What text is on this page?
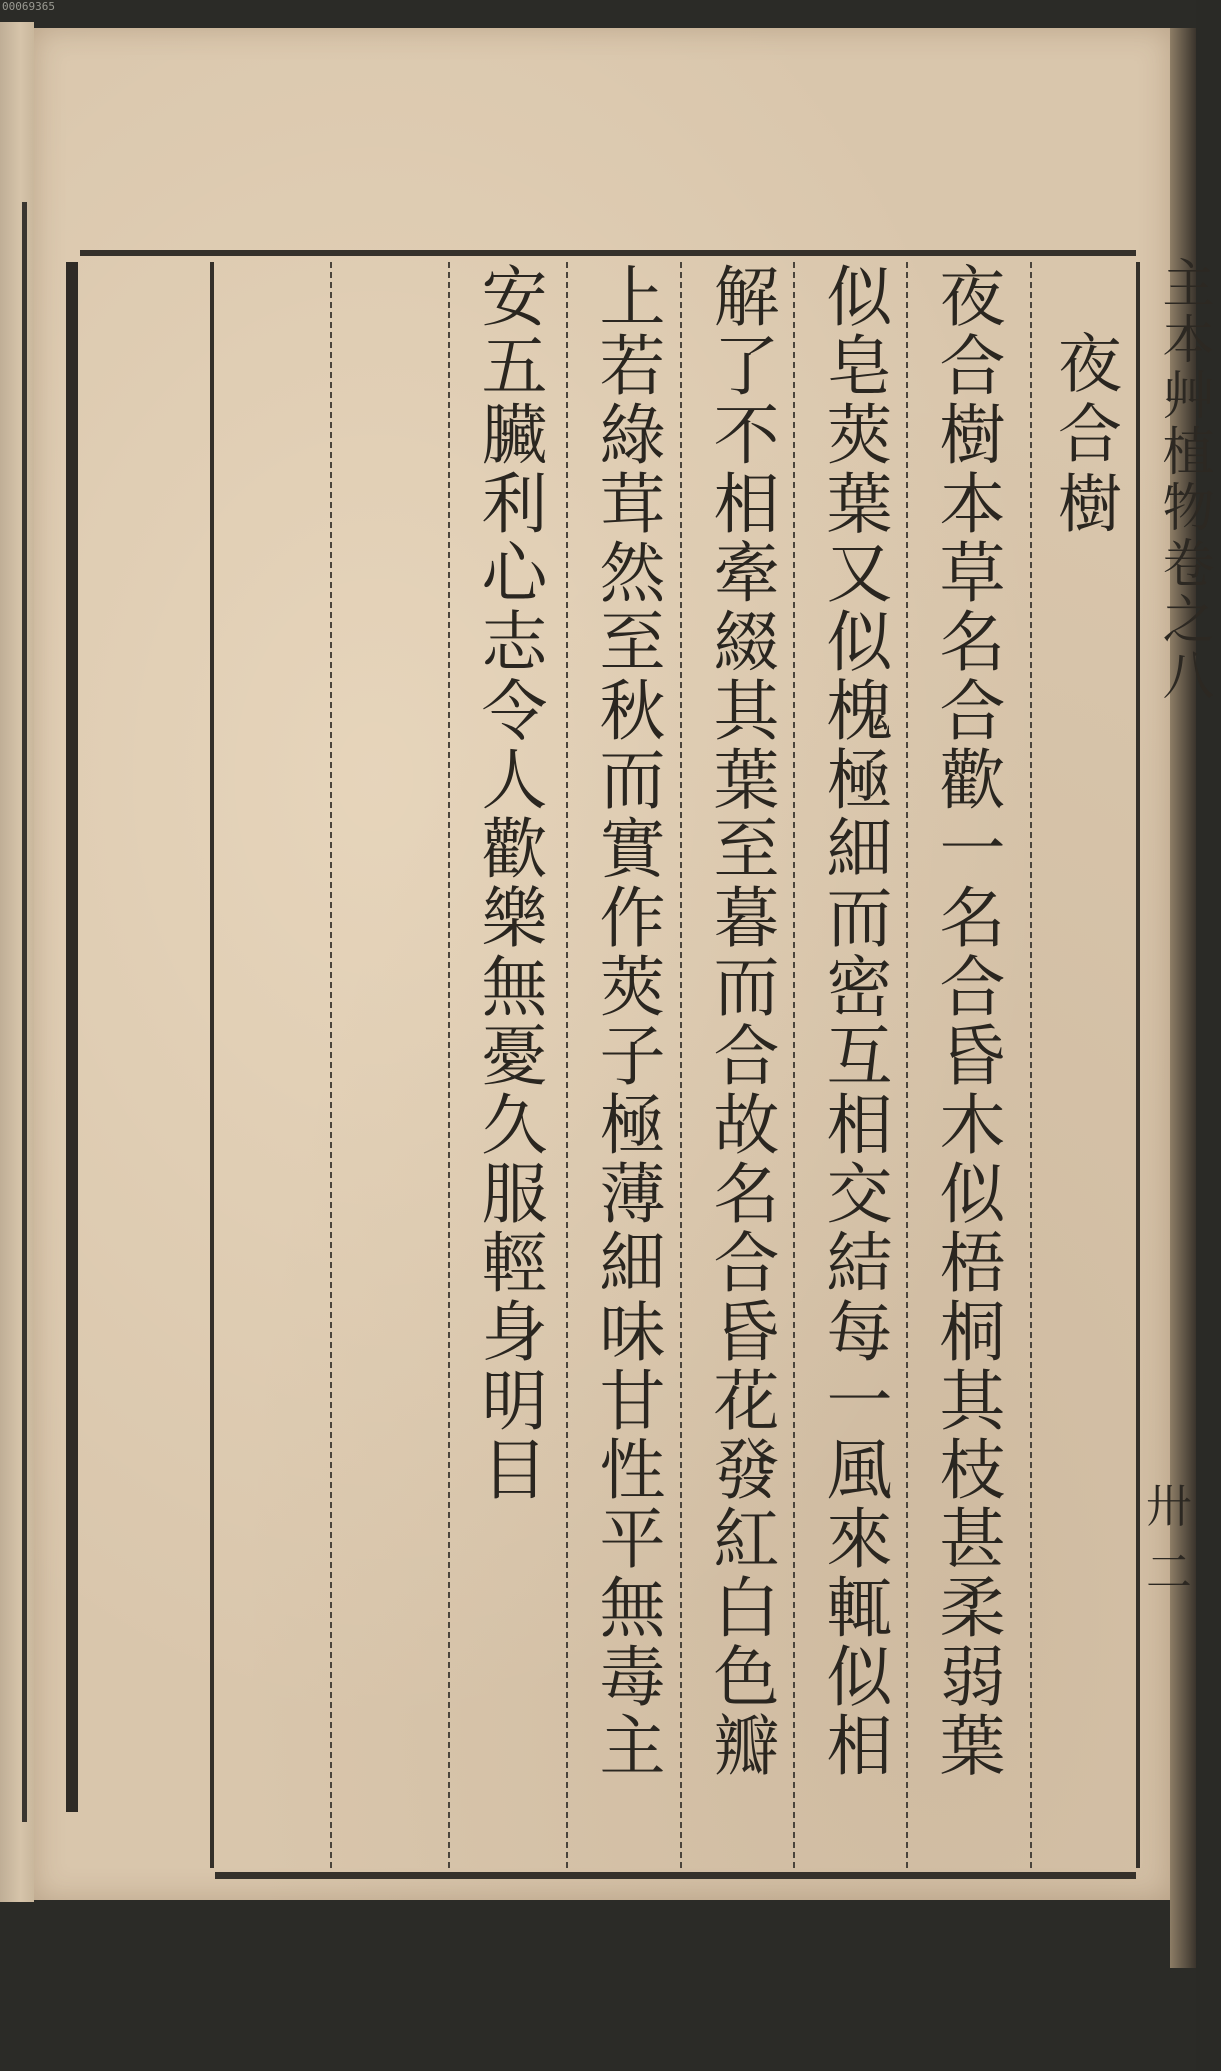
00069365
主本艸植物卷之八
卅二
夜合樹
夜合樹本草名合歡一名合昏木似梧桐其枝甚柔弱葉
似皂莢葉又似槐極細而密互相交結每一風來輒似相
解了不相牽綴其葉至暮而合故名合昏花發紅白色瓣
上若綠茸然至秋而實作莢子極薄細味甘性平無毒主
安五臟利心志令人歡樂無憂久服輕身明目
